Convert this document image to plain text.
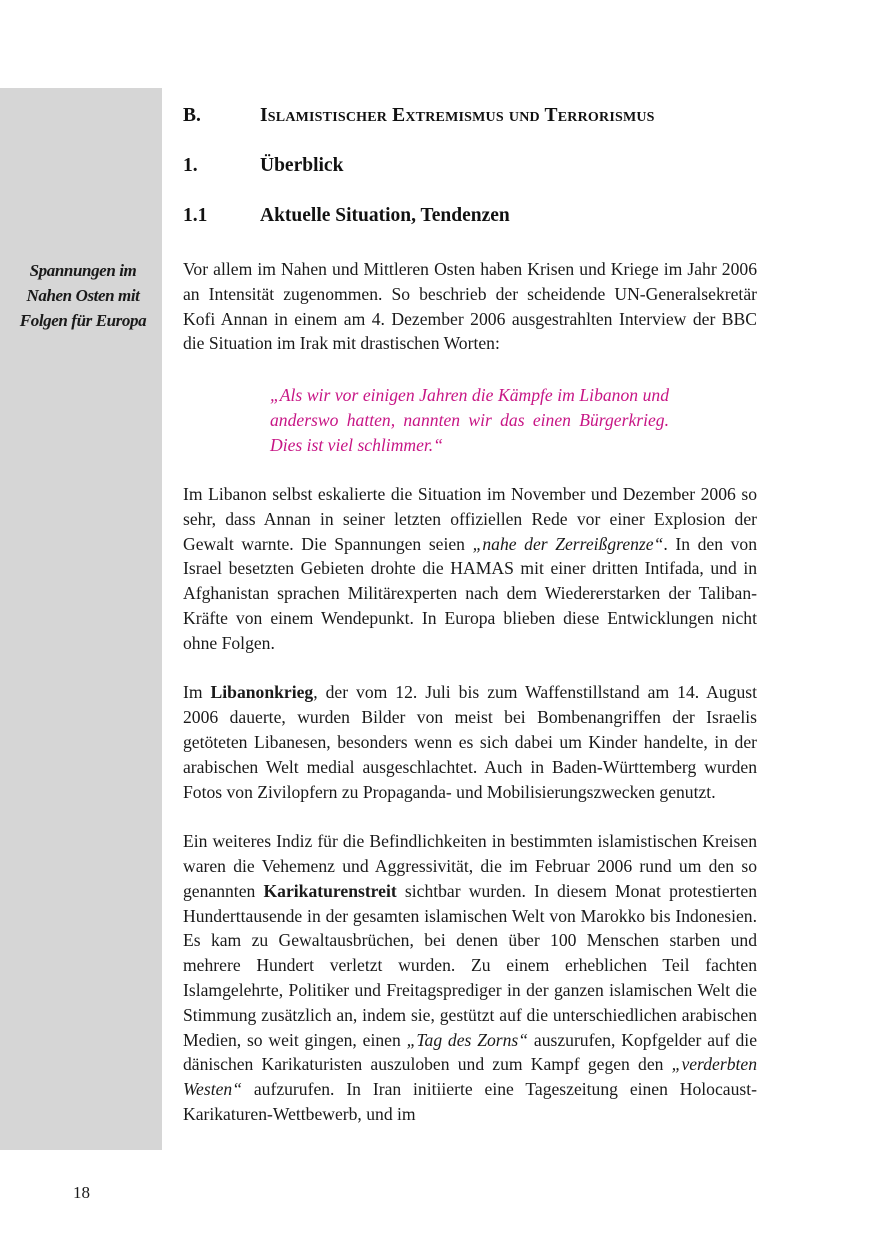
Spannungen im
Nahen Osten mit
Folgen für Europa
B.	Islamistischer Extremismus und Terrorismus
1.	Überblick
1.1	Aktuelle Situation, Tendenzen

Vor allem im Nahen und Mittleren Osten haben Krisen und Kriege im Jahr 2006 an Intensität zugenommen. So beschrieb der scheidende UN-Generalsekretär Kofi Annan in einem am 4. Dezember 2006 ausgestrahlten Interview der BBC die Situation im Irak mit drastischen Worten:

„Als wir vor einigen Jahren die Kämpfe im Libanon und anderswo hatten, nannten wir das einen Bürgerkrieg. Dies ist viel schlimmer.“

Im Libanon selbst eskalierte die Situation im November und Dezember 2006 so sehr, dass Annan in seiner letzten offiziellen Rede vor einer Explosion der Gewalt warnte. Die Spannungen seien „nahe der Zerreißgrenze“. In den von Israel besetzten Gebieten drohte die HAMAS mit einer dritten Intifada, und in Afghanistan sprachen Militärexperten nach dem Wiedererstarken der Taliban-Kräfte von einem Wendepunkt. In Europa blieben diese Entwicklungen nicht ohne Folgen.

Im Libanonkrieg, der vom 12. Juli bis zum Waffenstillstand am 14. August 2006 dauerte, wurden Bilder von meist bei Bombenangriffen der Israelis getöteten Libanesen, besonders wenn es sich dabei um Kinder handelte, in der arabischen Welt medial ausgeschlachtet. Auch in Baden-Württemberg wurden Fotos von Zivilopfern zu Propaganda- und Mobilisierungszwecken genutzt.

Ein weiteres Indiz für die Befindlichkeiten in bestimmten islamistischen Kreisen waren die Vehemenz und Aggressivität, die im Februar 2006 rund um den so genannten Karikaturenstreit sichtbar wurden. In diesem Monat protestierten Hunderttausende in der gesamten islamischen Welt von Marokko bis Indonesien. Es kam zu Gewaltausbrüchen, bei denen über 100 Menschen starben und mehrere Hundert verletzt wurden. Zu einem erheblichen Teil fachten Islamgelehrte, Politiker und Freitagsprediger in der ganzen islamischen Welt die Stimmung zusätzlich an, indem sie, gestützt auf die unterschiedlichen arabischen Medien, so weit gingen, einen „Tag des Zorns“ auszurufen, Kopfgelder auf die dänischen Karikaturisten auszuloben und zum Kampf gegen den „verderbten Westen“ aufzurufen. In Iran initiierte eine Tageszeitung einen Holocaust-Karikaturen-Wettbewerb, und im

18
